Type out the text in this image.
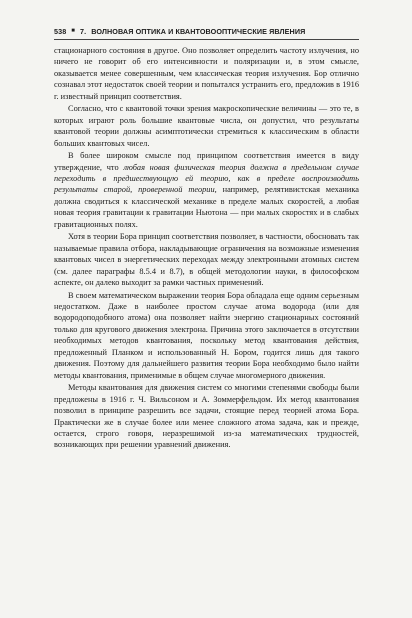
538 ■ 7. ВОЛНОВАЯ ОПТИКА И КВАНТОВООПТИЧЕСКИЕ ЯВЛЕНИЯ

стационарного состояния в другое. Оно позволяет определить частоту излучения, но ничего не говорит об его интенсивности и поляризации и, в этом смысле, оказывается менее совершенным, чем классическая теория излучения. Бор отлично сознавал этот недостаток своей теории и попытался устранить его, предложив в 1916 г. известный принцип соответствия.

Согласно, что с квантовой точки зрения макроскопические величины — это те, в которых играют роль большие квантовые числа, он допустил, что результаты квантовой теории должны асимптотически стремиться к классическим в области больших квантовых чисел.

В более широком смысле под принципом соответствия имеется в виду утверждение, что любая новая физическая теория должна в предельном случае переходить в предшествующую ей теорию, как в пределе воспроизводить результаты старой, проверенной теории, например, релятивистская механика должна сводиться к классической механике в пределе малых скоростей, а любая новая теория гравитации к гравитации Ньютона — при малых скоростях и в слабых гравитационных полях.

Хотя в теории Бора принцип соответствия позволяет, в частности, обосновать так называемые правила отбора, накладывающие ограничения на возможные изменения квантовых чисел в энергетических переходах между электронными атомных систем (см. далее параграфы 8.5.4 и 8.7), в общей методологии науки, в философском аспекте, он далеко выходит за рамки частных применений.

В своем математическом выражении теория Бора обладала еще одним серьезным недостатком. Даже в наиболее простом случае атома водорода (или для водородоподобного атома) она позволяет найти энергию стационарных состояний только для кругового движения электрона. Причина этого заключается в отсутствии необходимых методов квантования, поскольку метод квантования действия, предложенный Планком и использованный Н. Бором, годится лишь для такого движения. Поэтому для дальнейшего развития теории Бора необходимо было найти методы квантования, применимые в общем случае многомерного движения.

Методы квантования для движения систем со многими степенями свободы были предложены в 1916 г. Ч. Вильсоном и А. Зоммерфельдом. Их метод квантования позволил в принципе разрешить все задачи, стоящие перед теорией атома Бора. Практически же в случае более или менее сложного атома задача, как и прежде, остается, строго говоря, неразрешимой из-за математических трудностей, возникающих при решении уравнений движения.
